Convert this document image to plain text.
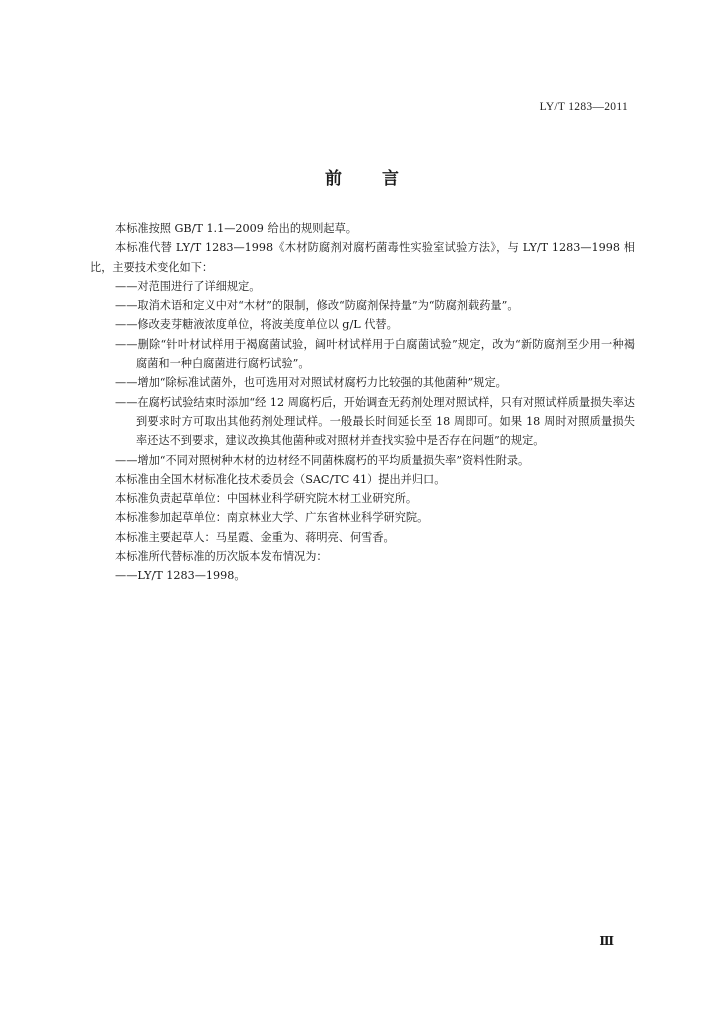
LY/T 1283—2011
前 言

本标准按照 GB/T 1.1—2009 给出的规则起草。

本标准代替 LY/T 1283—1998《木材防腐剂对腐朽菌毒性实验室试验方法》，与 LY/T 1283—1998 相比，主要技术变化如下：

——对范围进行了详细规定。

——取消术语和定义中对“木材”的限制，修改“防腐剂保持量”为“防腐剂载药量”。

——修改麦芽糖液浓度单位，将波美度单位以 g/L 代替。

——删除“针叶材试样用于褐腐菌试验，阔叶材试样用于白腐菌试验”规定，改为“新防腐剂至少用一种褐腐菌和一种白腐菌进行腐朽试验”。

——增加“除标准试菌外，也可选用对对照试材腐朽力比较强的其他菌种”规定。

——在腐朽试验结束时添加“经 12 周腐朽后，开始调查无药剂处理对照试样，只有对照试样质量损失率达到要求时方可取出其他药剂处理试样。一般最长时间延长至 18 周即可。如果 18 周时对照质量损失率还达不到要求，建议改换其他菌种或对照材并查找实验中是否存在问题”的规定。

——增加“不同对照树种木材的边材经不同菌株腐朽的平均质量损失率”资料性附录。

本标准由全国木材标准化技术委员会（SAC/TC 41）提出并归口。

本标准负责起草单位：中国林业科学研究院木材工业研究所。

本标准参加起草单位：南京林业大学、广东省林业科学研究院。

本标准主要起草人：马星霞、金重为、蒋明亮、何雪香。

本标准所代替标准的历次版本发布情况为：

——LY/T 1283—1998。

Ⅲ
